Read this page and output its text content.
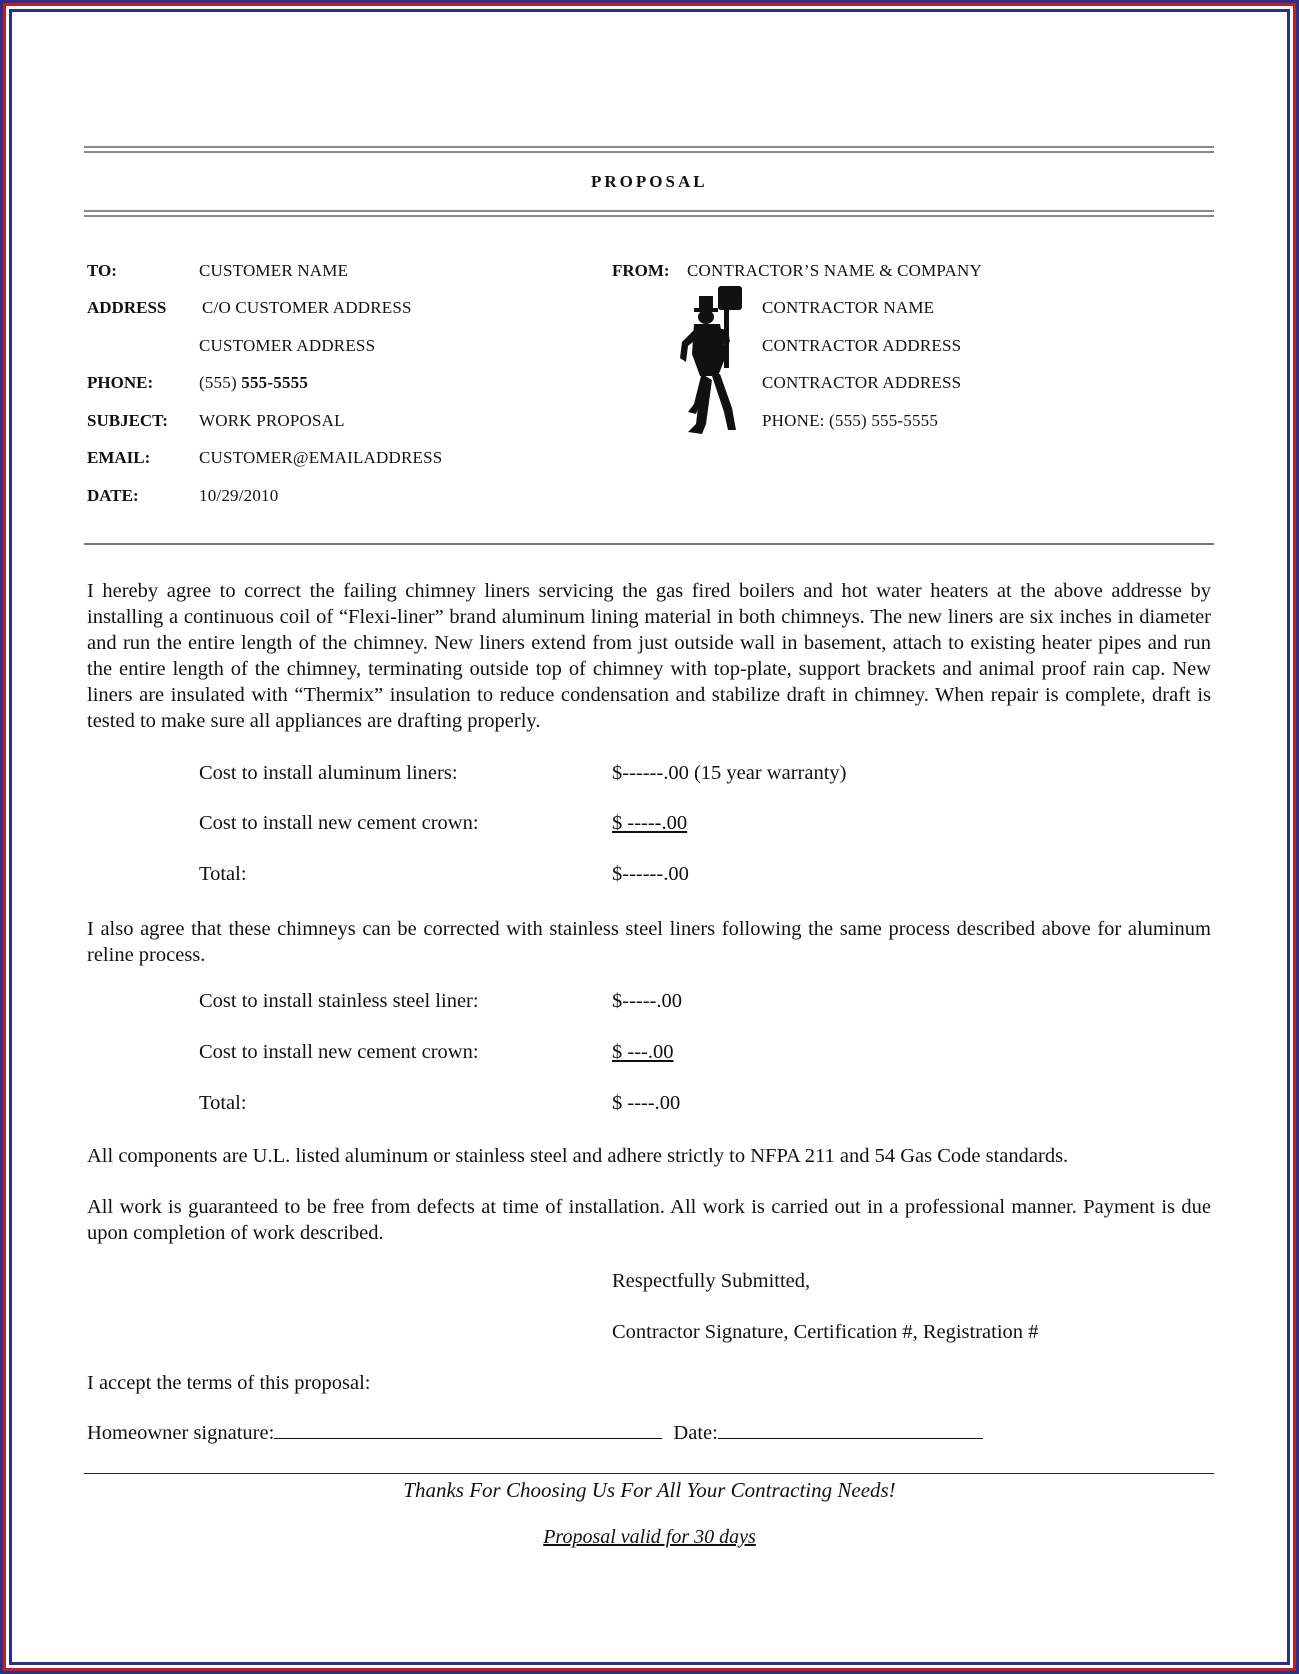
PROPOSAL
TO:	CUSTOMER NAME
ADDRESS C/O CUSTOMER ADDRESS
CUSTOMER ADDRESS
PHONE:	(555) 555-5555
SUBJECT: WORK PROPOSAL
EMAIL:	CUSTOMER@EMAILADDRESS
DATE:	10/29/2010
FROM: CONTRACTOR’S NAME & COMPANY
CONTRACTOR NAME
CONTRACTOR ADDRESS
CONTRACTOR ADDRESS
PHONE: (555) 555-5555
I hereby agree to correct the failing chimney liners servicing the gas fired boilers and hot water heaters at the above addresse by installing a continuous coil of “Flexi-liner” brand aluminum lining material in both chimneys. The new liners are six inches in diameter and run the entire length of the chimney. New liners extend from just outside wall in basement, attach to existing heater pipes and run the entire length of the chimney, terminating outside top of chimney with top-plate, support brackets and animal proof rain cap. New liners are insulated with “Thermix” insulation to reduce condensation and stabilize draft in chimney. When repair is complete, draft is tested to make sure all appliances are drafting properly.
Cost to install aluminum liners:	$------.00 (15 year warranty)
Cost to install new cement crown:	$ -----.00
Total:	$------.00
I also agree that these chimneys can be corrected with stainless steel liners following the same process described above for aluminum reline process.
Cost to install stainless steel liner:	$-----.00
Cost to install new cement crown:	$ ---.00
Total:	$ ----.00
All components are U.L. listed aluminum or stainless steel and adhere strictly to NFPA 211 and 54 Gas Code standards.
All work is guaranteed to be free from defects at time of installation. All work is carried out in a professional manner. Payment is due upon completion of work described.
Respectfully Submitted,
Contractor Signature, Certification #, Registration #
I accept the terms of this proposal:
Homeowner signature:	Date:
Thanks For Choosing Us For All Your Contracting Needs!
Proposal valid for 30 days
